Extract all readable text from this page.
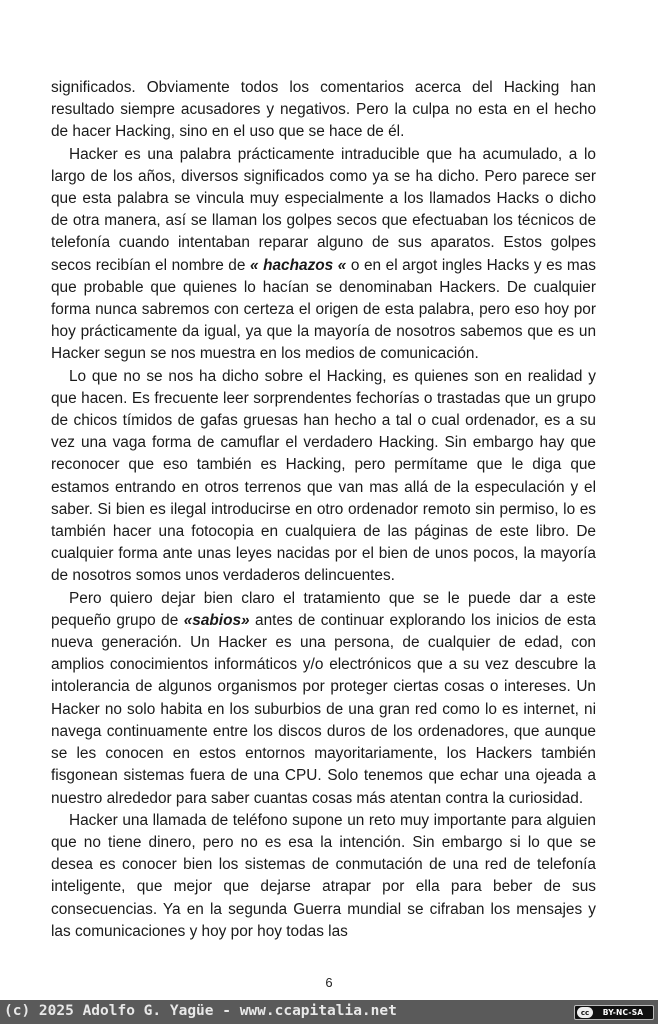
significados. Obviamente todos los comentarios acerca del Hacking han resultado siempre acusadores y negativos. Pero la culpa no esta en el hecho de hacer Hacking, sino en el uso que se hace de él.

Hacker es una palabra prácticamente intraducible que ha acumulado, a lo largo de los años, diversos significados como ya se ha dicho. Pero parece ser que esta palabra se vincula muy especialmente a los llamados Hacks o dicho de otra manera, así se llaman los golpes secos que efectuaban los técnicos de telefonía cuando intentaban reparar alguno de sus aparatos. Estos golpes secos recibían el nombre de « hachazos « o en el argot ingles Hacks y es mas que probable que quienes lo hacían se denominaban Hackers. De cualquier forma nunca sabremos con certeza el origen de esta palabra, pero eso hoy por hoy prácticamente da igual, ya que la mayoría de nosotros sabemos que es un Hacker segun se nos muestra en los medios de comunicación.

Lo que no se nos ha dicho sobre el Hacking, es quienes son en realidad y que hacen. Es frecuente leer sorprendentes fechorías o trastadas que un grupo de chicos tímidos de gafas gruesas han hecho a tal o cual ordenador, es a su vez una vaga forma de camuflar el verdadero Hacking. Sin embargo hay que reconocer que eso también es Hacking, pero permítame que le diga que estamos entrando en otros terrenos que van mas allá de la especulación y el saber. Si bien es ilegal introducirse en otro ordenador remoto sin permiso, lo es también hacer una fotocopia en cualquiera de las páginas de este libro. De cualquier forma ante unas leyes nacidas por el bien de unos pocos, la mayoría de nosotros somos unos verdaderos delincuentes.

Pero quiero dejar bien claro el tratamiento que se le puede dar a este pequeño grupo de «sabios» antes de continuar explorando los inicios de esta nueva generación. Un Hacker es una persona, de cualquier de edad, con amplios conocimientos informáticos y/o electrónicos que a su vez descubre la intolerancia de algunos organismos por proteger ciertas cosas o intereses. Un Hacker no solo habita en los suburbios de una gran red como lo es internet, ni navega continuamente entre los discos duros de los ordenadores, que aunque se les conocen en estos entornos mayoritariamente, los Hackers también fisgonean sistemas fuera de una CPU. Solo tenemos que echar una ojeada a nuestro alrededor para saber cuantas cosas más atentan contra la curiosidad.

Hacker una llamada de teléfono supone un reto muy importante para alguien que no tiene dinero, pero no es esa la intención. Sin embargo si lo que se desea es conocer bien los sistemas de conmutación de una red de telefonía inteligente, que mejor que dejarse atrapar por ella para beber de sus consecuencias. Ya en la segunda Guerra mundial se cifraban los mensajes y las comunicaciones y hoy por hoy todas las

6
(c) 2025 Adolfo G. Yagüe - www.ccapitalia.net	cc	BY-NC-SA
